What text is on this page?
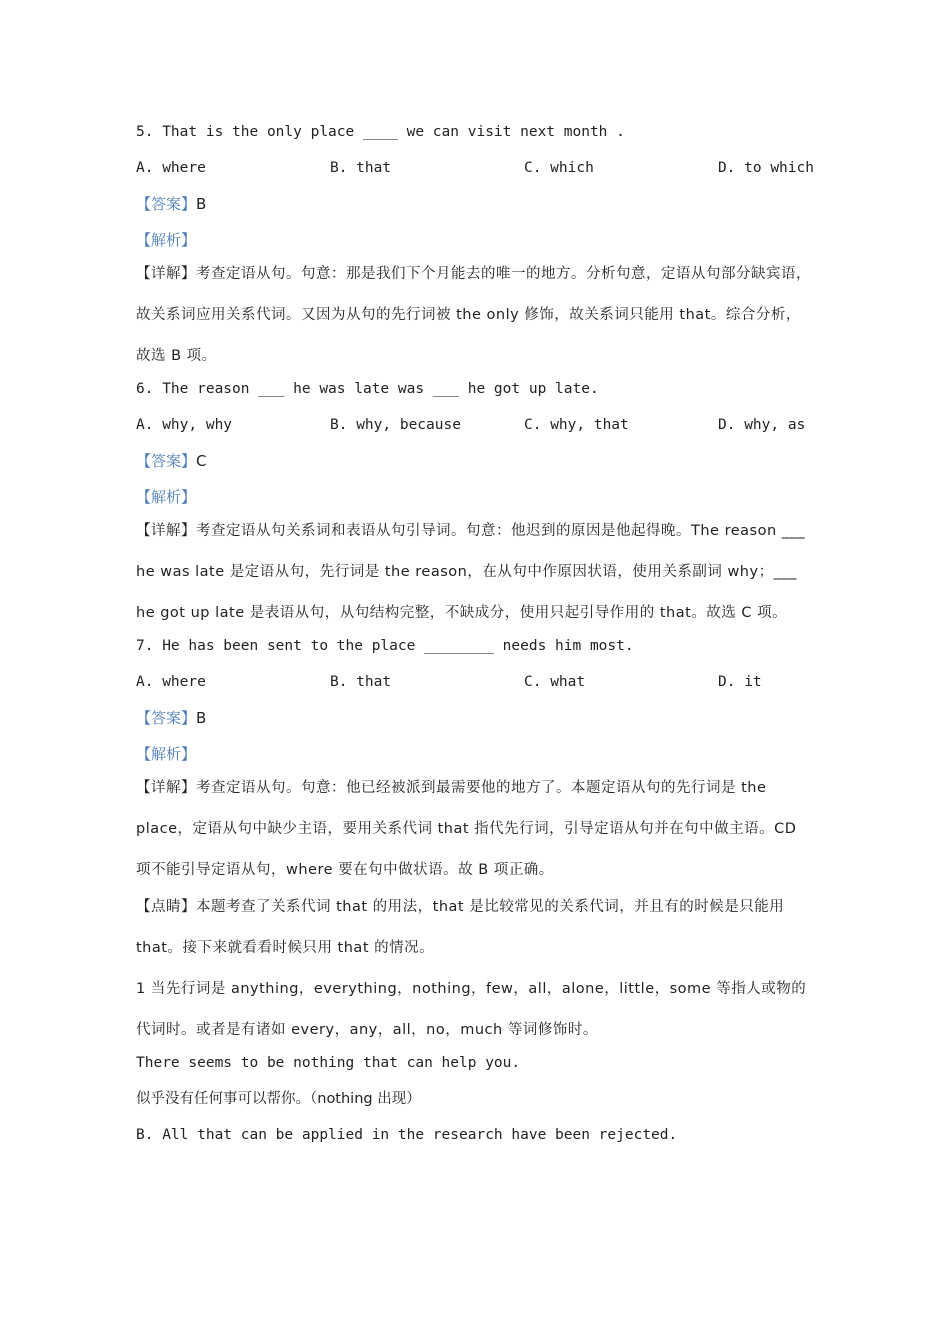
5. That is the only place ____ we can visit next month .
A. where	B. that	C. which	D. to which
【答案】B
【解析】
【详解】考查定语从句。句意：那是我们下个月能去的唯一的地方。分析句意，定语从句部分缺宾语，故关系词应用关系代词。又因为从句的先行词被 the only 修饰，故关系词只能用 that。综合分析，故选 B 项。
6. The reason ___ he was late was ___ he got up late.
A. why, why	B. why, because	C. why, that	D. why, as
【答案】C
【解析】
【详解】考查定语从句关系词和表语从句引导词。句意：他迟到的原因是他起得晚。The reason ___ he was late 是定语从句，先行词是 the reason，在从句中作原因状语，使用关系副词 why；___ he got up late 是表语从句，从句结构完整，不缺成分，使用只起引导作用的 that。故选 C 项。
7. He has been sent to the place ________ needs him most.
A. where	B. that	C. what	D. it
【答案】B
【解析】
【详解】考查定语从句。句意：他已经被派到最需要他的地方了。本题定语从句的先行词是 the place，定语从句中缺少主语，要用关系代词 that 指代先行词，引导定语从句并在句中做主语。CD 项不能引导定语从句，where 要在句中做状语。故 B 项正确。
【点睛】本题考查了关系代词 that 的用法，that 是比较常见的关系代词，并且有的时候是只能用 that。接下来就看看时候只用 that 的情况。
1 当先行词是 anything，everything，nothing，few，all，alone，little，some 等指人或物的代词时。或者是有诸如 every，any，all，no，much 等词修饰时。
There seems to be nothing that can help you.
似乎没有任何事可以帮你。（nothing 出现）
B. All that can be applied in the research have been rejected.
